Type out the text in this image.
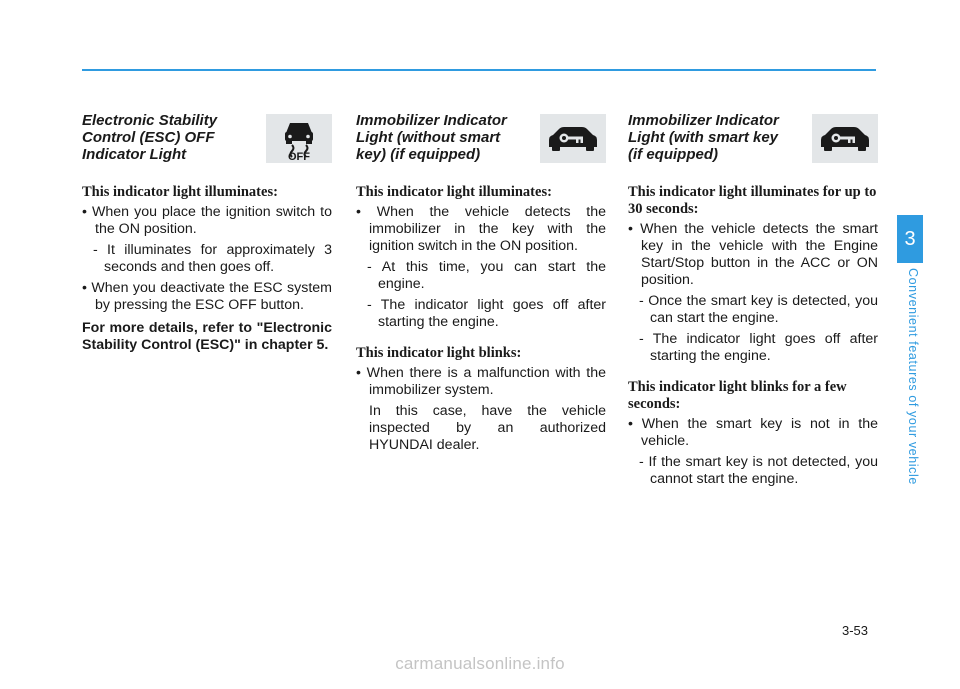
Electronic Stability Control (ESC) OFF Indicator Light	OFF
This indicator light illuminates:
• When you place the ignition switch to the ON position.
- It illuminates for approximately 3 seconds and then goes off.
• When you deactivate the ESC system by pressing the ESC OFF button.
For more details, refer to "Electronic Stability Control (ESC)" in chapter 5.
Immobilizer Indicator Light (without smart key) (if equipped)
This indicator light illuminates:
• When the vehicle detects the immobilizer in the key with the ignition switch in the ON position.
- At this time, you can start the engine.
- The indicator light goes off after starting the engine.
This indicator light blinks:
• When there is a malfunction with the immobilizer system.
In this case, have the vehicle inspected by an authorized HYUNDAI dealer.
Immobilizer Indicator Light (with smart key (if equipped)
This indicator light illuminates for up to 30 seconds:
• When the vehicle detects the smart key in the vehicle with the Engine Start/Stop button in the ACC or ON position.
- Once the smart key is detected, you can start the engine.
- The indicator light goes off after starting the engine.
This indicator light blinks for a few seconds:
• When the smart key is not in the vehicle.
- If the smart key is not detected, you cannot start the engine.
3
Convenient features of your vehicle
3-53
carmanualsonline.info
